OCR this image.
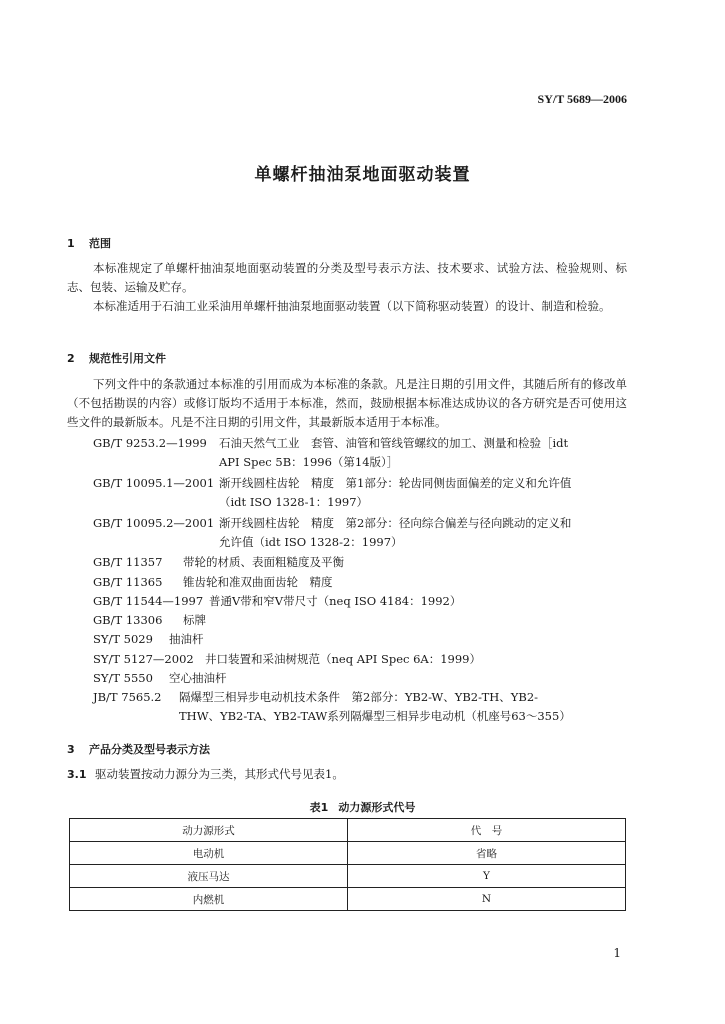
SY/T 5689—2006
单螺杆抽油泵地面驱动装置
1 范围
本标准规定了单螺杆抽油泵地面驱动装置的分类及型号表示方法、技术要求、试验方法、检验规则、标志、包装、运输及贮存。
本标准适用于石油工业采油用单螺杆抽油泵地面驱动装置（以下简称驱动装置）的设计、制造和检验。
2 规范性引用文件
下列文件中的条款通过本标准的引用而成为本标准的条款。凡是注日期的引用文件，其随后所有的修改单（不包括勘误的内容）或修订版均不适用于本标准，然而，鼓励根据本标准达成协议的各方研究是否可使用这些文件的最新版本。凡是不注日期的引用文件，其最新版本适用于本标准。
GB/T 9253.2—1999 石油天然气工业　套管、油管和管线管螺纹的加工、测量和检验［idt
API Spec 5B：1996（第14版）］
GB/T 10095.1—2001 渐开线圆柱齿轮　精度　第1部分：轮齿同侧齿面偏差的定义和允许值
（idt ISO 1328-1：1997）
GB/T 10095.2—2001 渐开线圆柱齿轮　精度　第2部分：径向综合偏差与径向跳动的定义和
允许值（idt ISO 1328-2：1997）
GB/T 11357 带轮的材质、表面粗糙度及平衡
GB/T 11365 锥齿轮和准双曲面齿轮　精度
GB/T 11544—1997 普通V带和窄V带尺寸（neq ISO 4184：1992）
GB/T 13306 标牌
SY/T 5029 抽油杆
SY/T 5127—2002 井口装置和采油树规范（neq API Spec 6A：1999）
SY/T 5550 空心抽油杆
JB/T 7565.2 隔爆型三相异步电动机技术条件　第2部分：YB2-W、YB2-TH、YB2-
THW、YB2-TA、YB2-TAW系列隔爆型三相异步电动机（机座号63～355）
3 产品分类及型号表示方法
3.1 驱动装置按动力源分为三类，其形式代号见表1。
表1 动力源形式代号
动力源形式	代　号
电动机	省略
液压马达	Y
内燃机	N
1
